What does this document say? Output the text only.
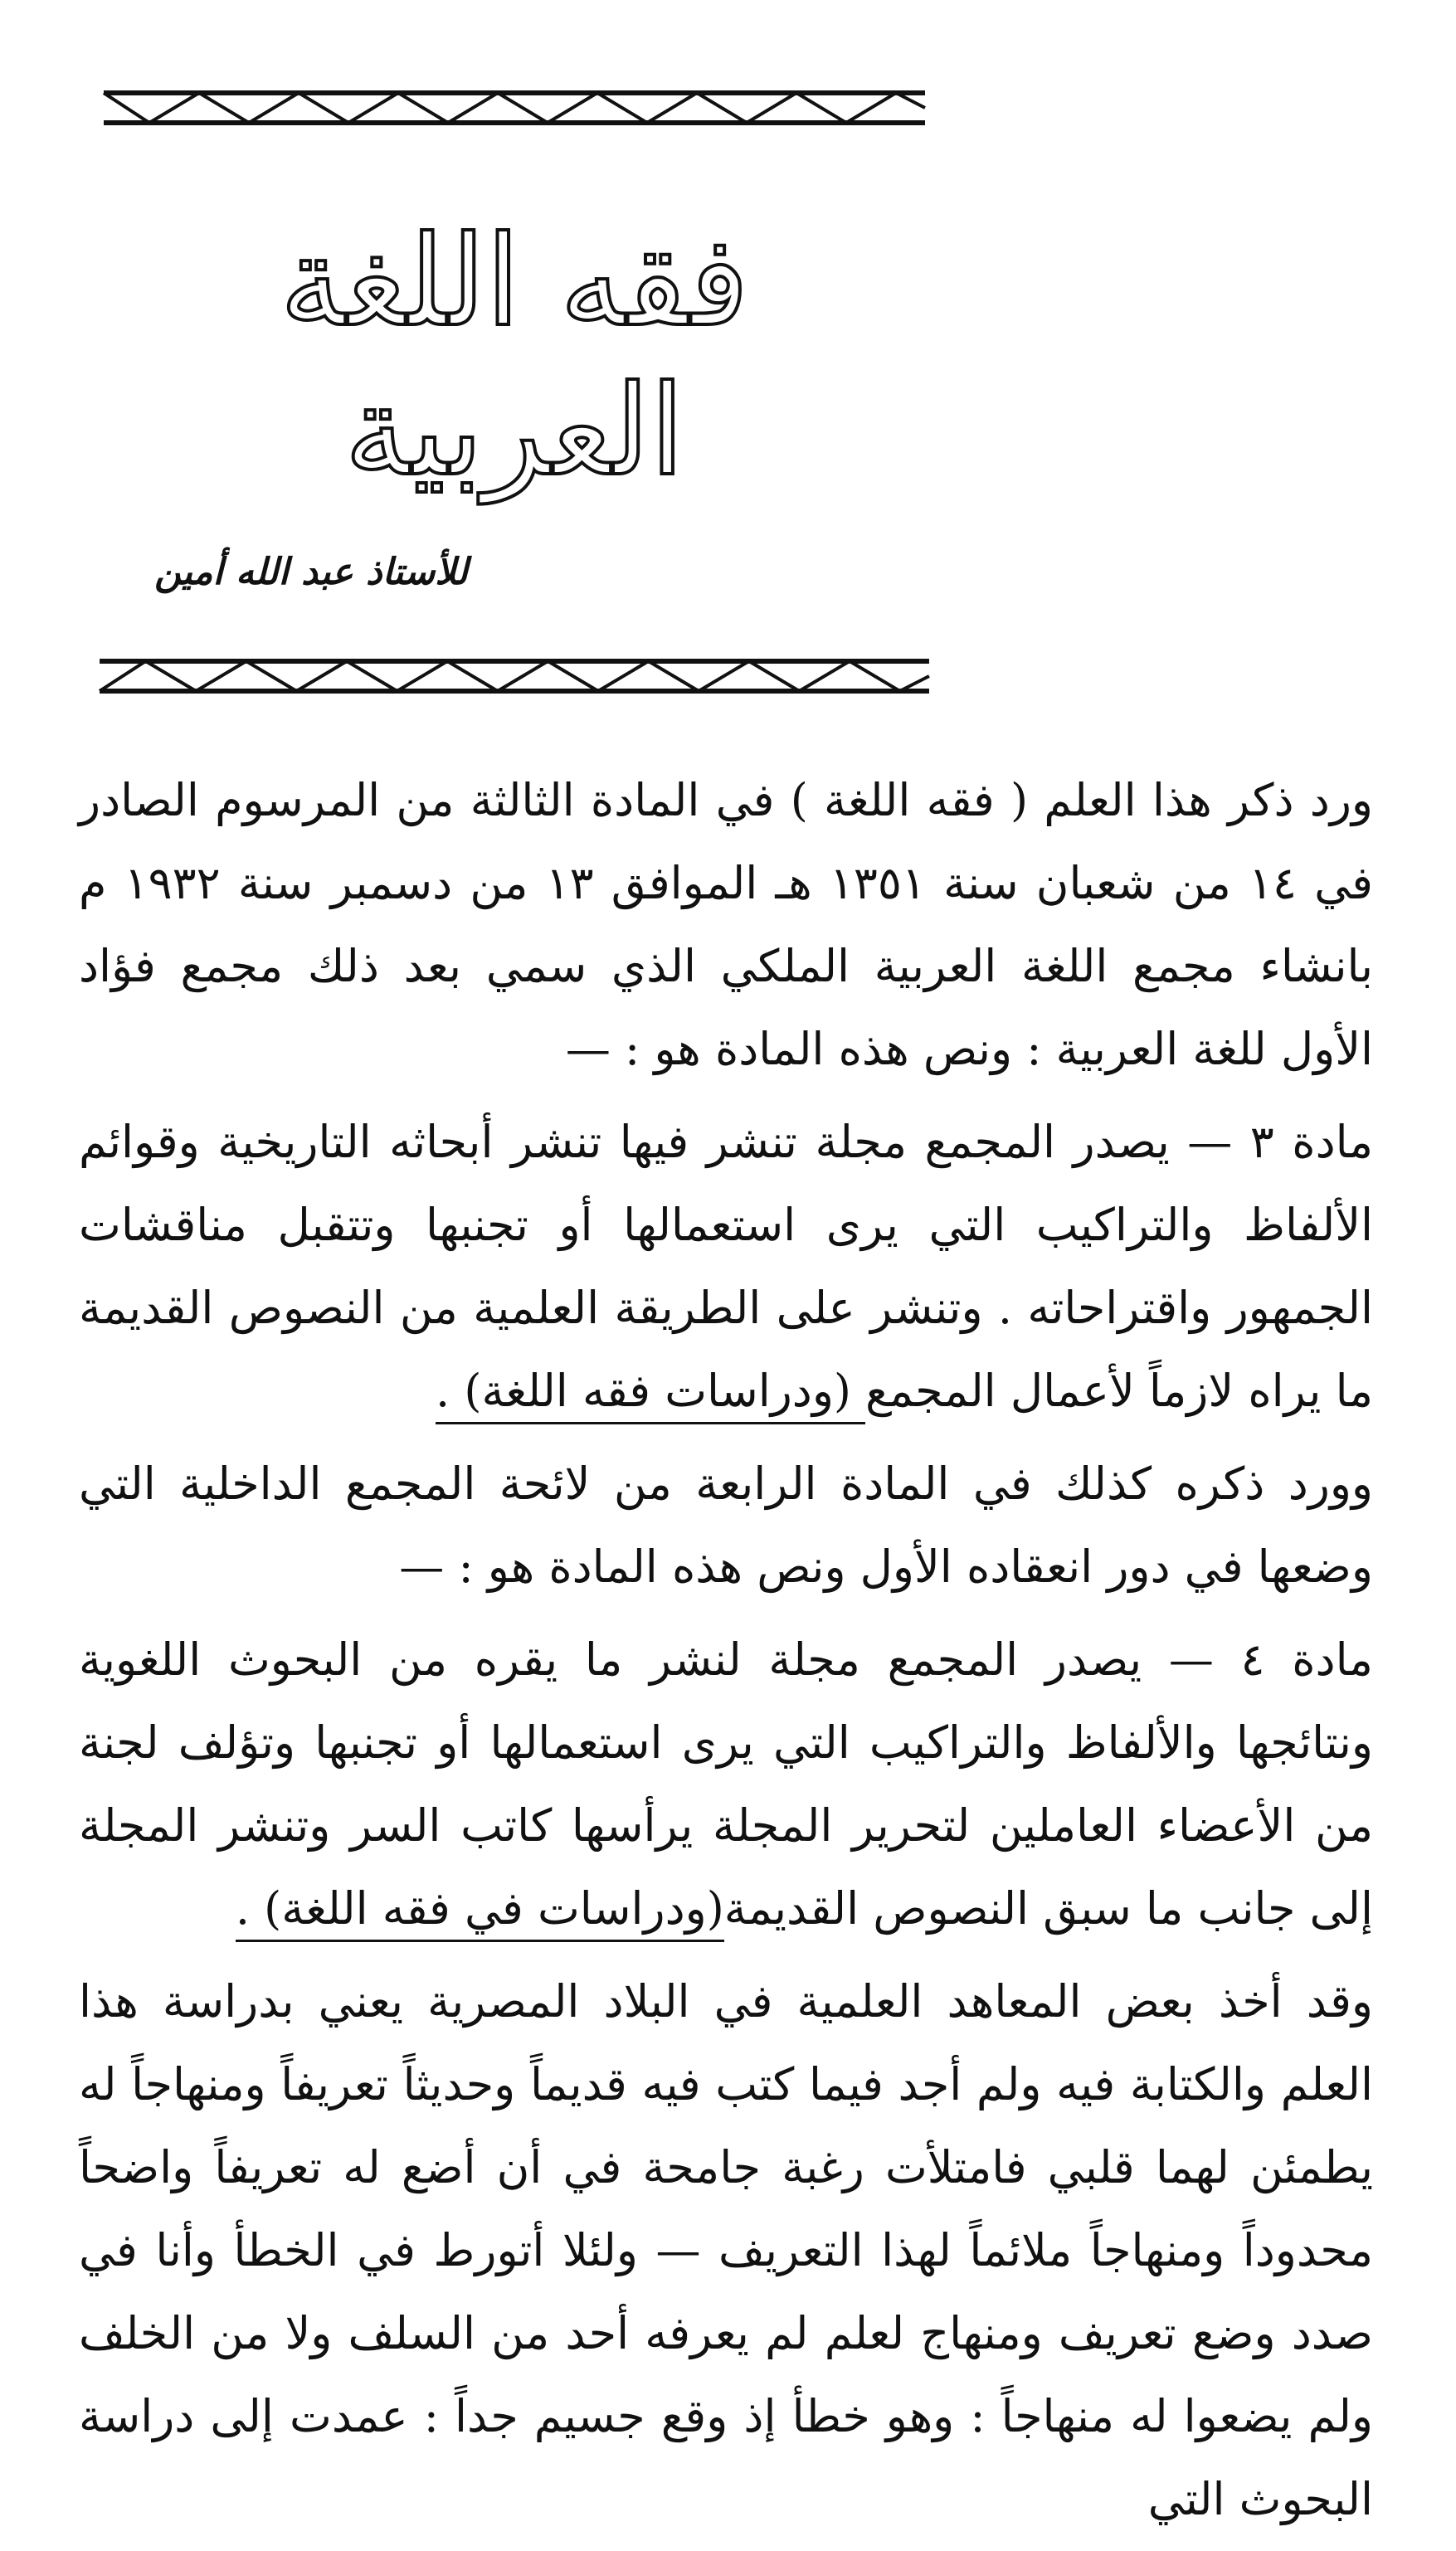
فقه اللغة العربية
للأستاذ عبد الله أمين

ورد ذكر هذا العلم ( فقه اللغة ) في المادة الثالثة من المرسوم الصادر في ١٤ من شعبان سنة ١٣٥١ هـ الموافق ١٣ من دسمبر سنة ١٩٣٢ م بانشاء مجمع اللغة العربية الملكي الذي سمي بعد ذلك مجمع فؤاد الأول للغة العربية : ونص هذه المادة هو : —

مادة ٣ — يصدر المجمع مجلة تنشر فيها تنشر أبحاثه التاريخية وقوائم الألفاظ والتراكيب التي يرى استعمالها أو تجنبها وتتقبل مناقشات الجمهور واقتراحاته . وتنشر على الطريقة العلمية من النصوص القديمة ما يراه لازماً لأعمال المجمع (ودراسات فقه اللغة) .

وورد ذكره كذلك في المادة الرابعة من لائحة المجمع الداخلية التي وضعها في دور انعقاده الأول ونص هذه المادة هو : —

مادة ٤ — يصدر المجمع مجلة لنشر ما يقره من البحوث اللغوية ونتائجها والألفاظ والتراكيب التي يرى استعمالها أو تجنبها وتؤلف لجنة من الأعضاء العاملين لتحرير المجلة يرأسها كاتب السر وتنشر المجلة إلى جانب ما سبق النصوص القديمة(ودراسات في فقه اللغة) .

وقد أخذ بعض المعاهد العلمية في البلاد المصرية يعني بدراسة هذا العلم والكتابة فيه ولم أجد فيما كتب فيه قديماً وحديثاً تعريفاً ومنهاجاً له يطمئن لهما قلبي فامتلأت رغبة جامحة في أن أضع له تعريفاً واضحاً محدوداً ومنهاجاً ملائماً لهذا التعريف — ولئلا أتورط في الخطأ وأنا في صدد وضع تعريف ومنهاج لعلم لم يعرفه أحد من السلف ولا من الخلف ولم يضعوا له منهاجاً : وهو خطأ إذ وقع جسيم جداً : عمدت إلى دراسة البحوث التي
